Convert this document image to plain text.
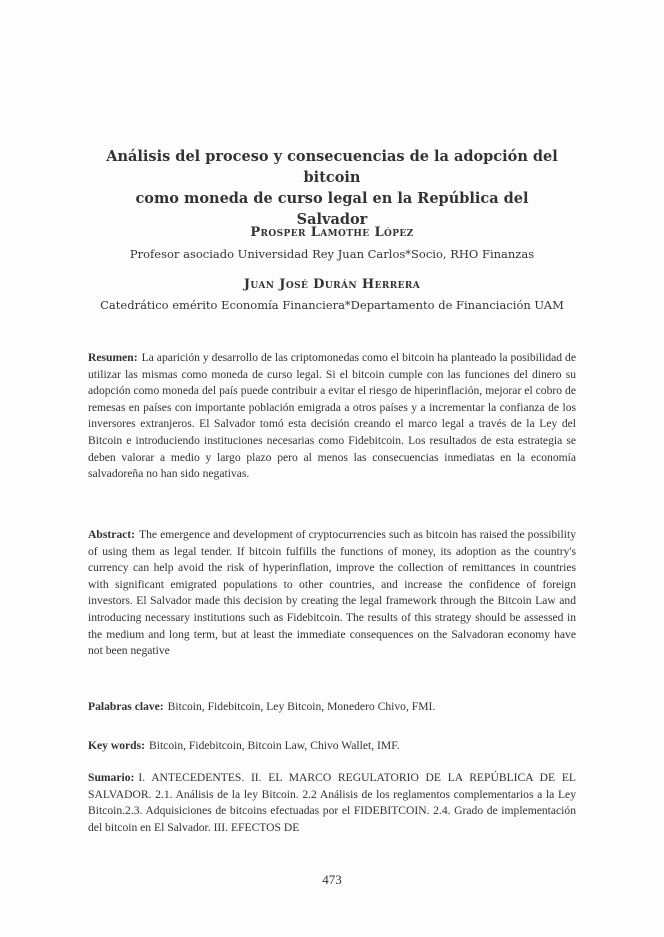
Análisis del proceso y consecuencias de la adopción del bitcoin
como moneda de curso legal en la República del Salvador
Prosper Lamothe López
Profesor asociado Universidad Rey Juan Carlos*Socio, RHO Finanzas
Juan José Durán Herrera
Catedrático emérito Economía Financiera*Departamento de Financiación UAM
Resumen: La aparición y desarrollo de las criptomonedas como el bitcoin ha planteado la posibilidad de utilizar las mismas como moneda de curso legal. Si el bitcoin cumple con las funciones del dinero su adopción como moneda del país puede contribuir a evitar el riesgo de hiperinflación, mejorar el cobro de remesas en países con importante población emigrada a otros países y a incrementar la confianza de los inversores extranjeros. El Salvador tomó esta decisión creando el marco legal a través de la Ley del Bitcoin e introduciendo instituciones necesarias como Fidebitcoin. Los resultados de esta estrategia se deben valorar a medio y largo plazo pero al menos las consecuencias inmediatas en la economía salvadoreña no han sido negativas.
Abstract: The emergence and development of cryptocurrencies such as bitcoin has raised the possibility of using them as legal tender. If bitcoin fulfills the functions of money, its adoption as the country's currency can help avoid the risk of hyperinflation, improve the collection of remittances in countries with significant emigrated populations to other countries, and increase the confidence of foreign investors. El Salvador made this decision by creating the legal framework through the Bitcoin Law and introducing necessary institutions such as Fidebitcoin. The results of this strategy should be assessed in the medium and long term, but at least the immediate consequences on the Salvadoran economy have not been negative
Palabras clave: Bitcoin, Fidebitcoin, Ley Bitcoin, Monedero Chivo, FMI.
Key words: Bitcoin, Fidebitcoin, Bitcoin Law, Chivo Wallet, IMF.
Sumario: I. ANTECEDENTES. II. EL MARCO REGULATORIO DE LA REPÚBLICA DE EL SALVADOR. 2.1. Análisis de la ley Bitcoin. 2.2 Análisis de los reglamentos complementarios a la Ley Bitcoin.2.3. Adquisiciones de bitcoins efectuadas por el FIDEBITCOIN. 2.4. Grado de implementación del bitcoin en El Salvador. III. EFECTOS DE
473
